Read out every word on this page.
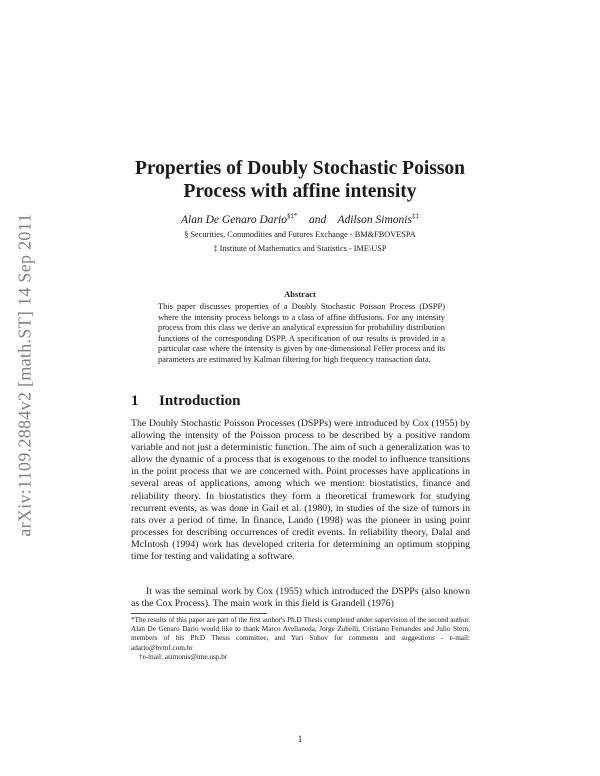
arXiv:1109.2884v2 [math.ST] 14 Sep 2011
Properties of Doubly Stochastic Poisson
Process with affine intensity
Alan De Genaro Dario§‡* and Adilson Simonis‡‡
§ Securities, Commodities and Futures Exchange - BM&FBOVESPA
‡ Institute of Mathematics and Statistics - IME\USP
Abstract
This paper discusses properties of a Doubly Stochastic Poisson Process (DSPP) where the intensity process belongs to a class of affine diffusions. For any intensity process from this class we derive an analytical expression for probability distribution functions of the corresponding DSPP. A specification of our results is provided in a particular case where the intensity is given by one-dimensional Feller process and its parameters are estimated by Kalman filtering for high frequency transaction data.
1 Introduction
The Doubly Stochastic Poisson Processes (DSPPs) were introduced by Cox (1955) by allowing the intensity of the Poisson process to be described by a positive random variable and not just a deterministic function. The aim of such a generalization was to allow the dynamic of a process that is exogenous to the model to influence transitions in the point process that we are concerned with. Point processes have applications in several areas of applications, among which we mention: biostatistics, finance and reliability theory. In biostatistics they form a theoretical framework for studying recurrent events, as was done in Gail et al. (1980), in studies of the size of tumors in rats over a period of time. In finance, Lando (1998) was the pioneer in using point processes for describing occurrences of credit events. In reliability theory, Dalal and McIntosh (1994) work has developed criteria for determining an optimum stopping time for testing and validating a software.
It was the seminal work by Cox (1955) which introduced the DSPPs (also known as the Cox Process). The main work in this field is Grandell (1976)
*The results of this paper are part of the first author's Ph.D Thesis completed under supervision of the second author. Alan De Genaro Dario would like to thank Marco Avellaneda, Jorge Zubelli, Cristiano Fernandes and Julio Stern, members of his Ph.D Thesis committee, and Yuri Suhov for comments and suggestions - e-mail: adario@bvmf.com.br
†e-mail: asimonis@ime.usp.br
1
